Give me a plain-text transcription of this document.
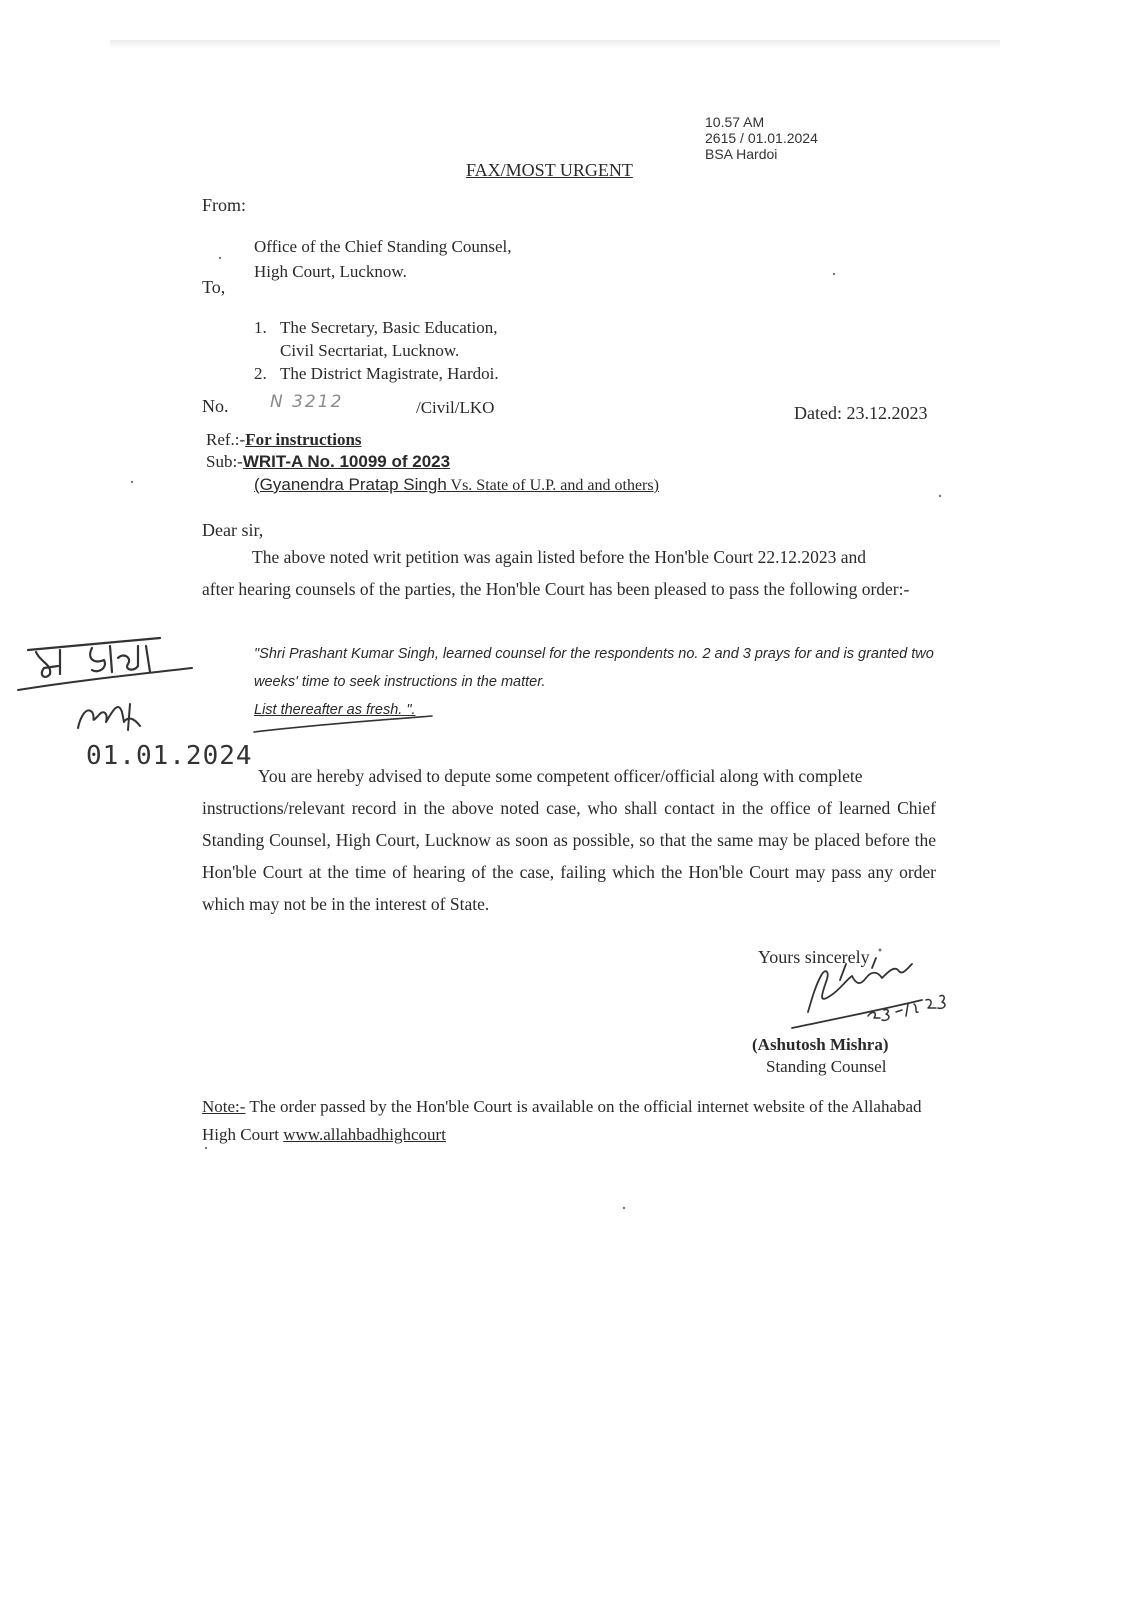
10.57 AM
2615 / 01.01.2024
BSA Hardoi
FAX/MOST URGENT
From:
Office of the Chief Standing Counsel,
High Court, Lucknow.
To,
1. The Secretary, Basic Education,
Civil Secrtariat, Lucknow.
2. The District Magistrate, Hardoi.
No. N 3212	/Civil/LKO	Dated: 23.12.2023
Ref.:-For instructions
Sub:-WRIT-A No. 10099 of 2023
(Gyanendra Pratap Singh Vs. State of U.P. and and others)
Dear sir,
The above noted writ petition was again listed before the Hon'ble Court 22.12.2023 and
after hearing counsels of the parties, the Hon'ble Court has been pleased to pass the following order:-
"Shri Prashant Kumar Singh, learned counsel for the respondents no. 2 and 3 prays for and is granted two weeks' time to seek instructions in the matter.
List thereafter as fresh. ".
You are hereby advised to depute some competent officer/official along with complete
instructions/relevant record in the above noted case, who shall contact in the office of learned Chief Standing Counsel, High Court, Lucknow as soon as possible, so that the same may be placed before the Hon'ble Court at the time of hearing of the case, failing which the Hon'ble Court may pass any order which may not be in the interest of State.
Yours sincerely
(Ashutosh Mishra)
Standing Counsel
Note:- The order passed by the Hon'ble Court is available on the official internet website of the Allahabad High Court www.allahbadhighcourt
01.01.2024
